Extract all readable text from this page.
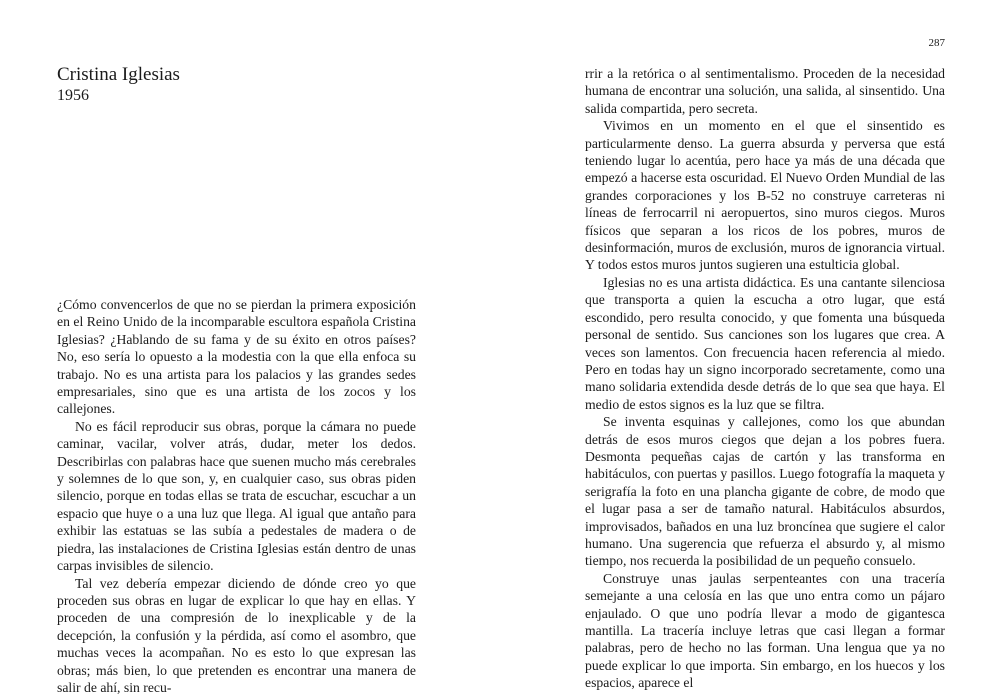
287
Cristina Iglesias
1956

¿Cómo convencerlos de que no se pierdan la primera exposición en el Reino Unido de la incomparable escultora española Cristina Iglesias? ¿Hablando de su fama y de su éxito en otros países? No, eso sería lo opuesto a la modestia con la que ella enfoca su trabajo. No es una artista para los palacios y las grandes sedes empresariales, sino que es una artista de los zocos y los callejones.

No es fácil reproducir sus obras, porque la cámara no puede caminar, vacilar, volver atrás, dudar, meter los dedos. Describirlas con palabras hace que suenen mucho más cerebrales y solemnes de lo que son, y, en cualquier caso, sus obras piden silencio, porque en todas ellas se trata de escuchar, escuchar a un espacio que huye o a una luz que llega. Al igual que antaño para exhibir las estatuas se las subía a pedestales de madera o de piedra, las instalaciones de Cristina Iglesias están dentro de unas carpas invisibles de silencio.

Tal vez debería empezar diciendo de dónde creo yo que proceden sus obras en lugar de explicar lo que hay en ellas. Y proceden de una compresión de lo inexplicable y de la decepción, la confusión y la pérdida, así como el asombro, que muchas veces la acompañan. No es esto lo que expresan las obras; más bien, lo que pretenden es encontrar una manera de salir de ahí, sin recu-

rrir a la retórica o al sentimentalismo. Proceden de la necesidad humana de encontrar una solución, una salida, al sinsentido. Una salida compartida, pero secreta.

Vivimos en un momento en el que el sinsentido es particularmente denso. La guerra absurda y perversa que está teniendo lugar lo acentúa, pero hace ya más de una década que empezó a hacerse esta oscuridad. El Nuevo Orden Mundial de las grandes corporaciones y los B-52 no construye carreteras ni líneas de ferrocarril ni aeropuertos, sino muros ciegos. Muros físicos que separan a los ricos de los pobres, muros de desinformación, muros de exclusión, muros de ignorancia virtual. Y todos estos muros juntos sugieren una estulticia global.

Iglesias no es una artista didáctica. Es una cantante silenciosa que transporta a quien la escucha a otro lugar, que está escondido, pero resulta conocido, y que fomenta una búsqueda personal de sentido. Sus canciones son los lugares que crea. A veces son lamentos. Con frecuencia hacen referencia al miedo. Pero en todas hay un signo incorporado secretamente, como una mano solidaria extendida desde detrás de lo que sea que haya. El medio de estos signos es la luz que se filtra.

Se inventa esquinas y callejones, como los que abundan detrás de esos muros ciegos que dejan a los pobres fuera. Desmonta pequeñas cajas de cartón y las transforma en habitáculos, con puertas y pasillos. Luego fotografía la maqueta y serigrafía la foto en una plancha gigante de cobre, de modo que el lugar pasa a ser de tamaño natural. Habitáculos absurdos, improvisados, bañados en una luz broncínea que sugiere el calor humano. Una sugerencia que refuerza el absurdo y, al mismo tiempo, nos recuerda la posibilidad de un pequeño consuelo.

Construye unas jaulas serpenteantes con una tracería semejante a una celosía en las que uno entra como un pájaro enjaulado. O que uno podría llevar a modo de gigantesca mantilla. La tracería incluye letras que casi llegan a formar palabras, pero de hecho no las forman. Una lengua que ya no puede explicar lo que importa. Sin embargo, en los huecos y los espacios, aparece el
